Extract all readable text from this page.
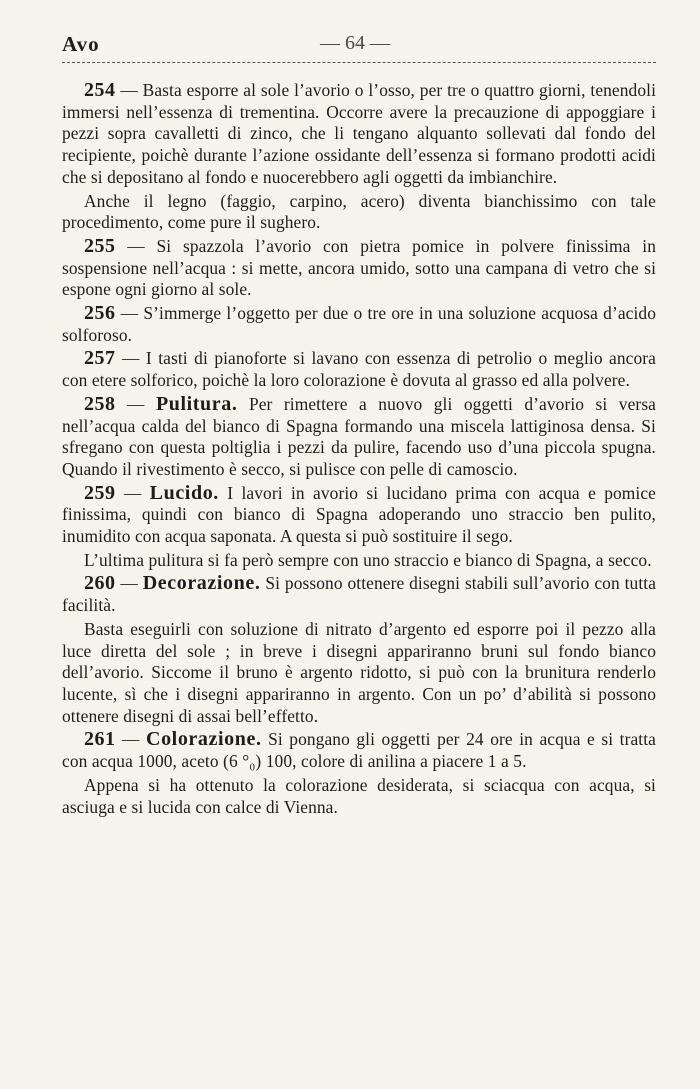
Avo	— 64 —

254 — Basta esporre al sole l’avorio o l’osso, per tre o quattro giorni, tenendoli immersi nell’essenza di trementina. Occorre avere la precauzione di appoggiare i pezzi sopra cavalletti di zinco, che li tengano alquanto sollevati dal fondo del recipiente, poichè durante l’azione ossidante dell’essenza si formano prodotti acidi che si depositano al fondo e nuocerebbero agli oggetti da imbianchire.

Anche il legno (faggio, carpino, acero) diventa bianchissimo con tale procedimento, come pure il sughero.

255 — Si spazzola l’avorio con pietra pomice in polvere finissima in sospensione nell’acqua : si mette, ancora umido, sotto una campana di vetro che si espone ogni giorno al sole.

256 — S’immerge l’oggetto per due o tre ore in una soluzione acquosa d’acido solforoso.

257 — I tasti di pianoforte si lavano con essenza di petrolio o meglio ancora con etere solforico, poichè la loro colorazione è dovuta al grasso ed alla polvere.

258 — Pulitura. Per rimettere a nuovo gli oggetti d’avorio si versa nell’acqua calda del bianco di Spagna formando una miscela lattiginosa densa. Si sfregano con questa poltiglia i pezzi da pulire, facendo uso d’una piccola spugna. Quando il rivestimento è secco, si pulisce con pelle di camoscio.

259 — Lucido. I lavori in avorio si lucidano prima con acqua e pomice finissima, quindi con bianco di Spagna adoperando uno straccio ben pulito, inumidito con acqua saponata. A questa si può sostituire il sego.

L’ultima pulitura si fa però sempre con uno straccio e bianco di Spagna, a secco.

260 — Decorazione. Si possono ottenere disegni stabili sull’avorio con tutta facilità.

Basta eseguirli con soluzione di nitrato d’argento ed esporre poi il pezzo alla luce diretta del sole ; in breve i disegni appariranno bruni sul fondo bianco dell’avorio. Siccome il bruno è argento ridotto, si può con la brunitura renderlo lucente, sì che i disegni appariranno in argento. Con un po’ d’abilità si possono ottenere disegni di assai bell’effetto.

261 — Colorazione. Si pongano gli oggetti per 24 ore in acqua e si tratta con acqua 1000, aceto (6 °₀) 100, colore di anilina a piacere 1 a 5.

Appena si ha ottenuto la colorazione desiderata, si sciacqua con acqua, si asciuga e si lucida con calce di Vienna.
